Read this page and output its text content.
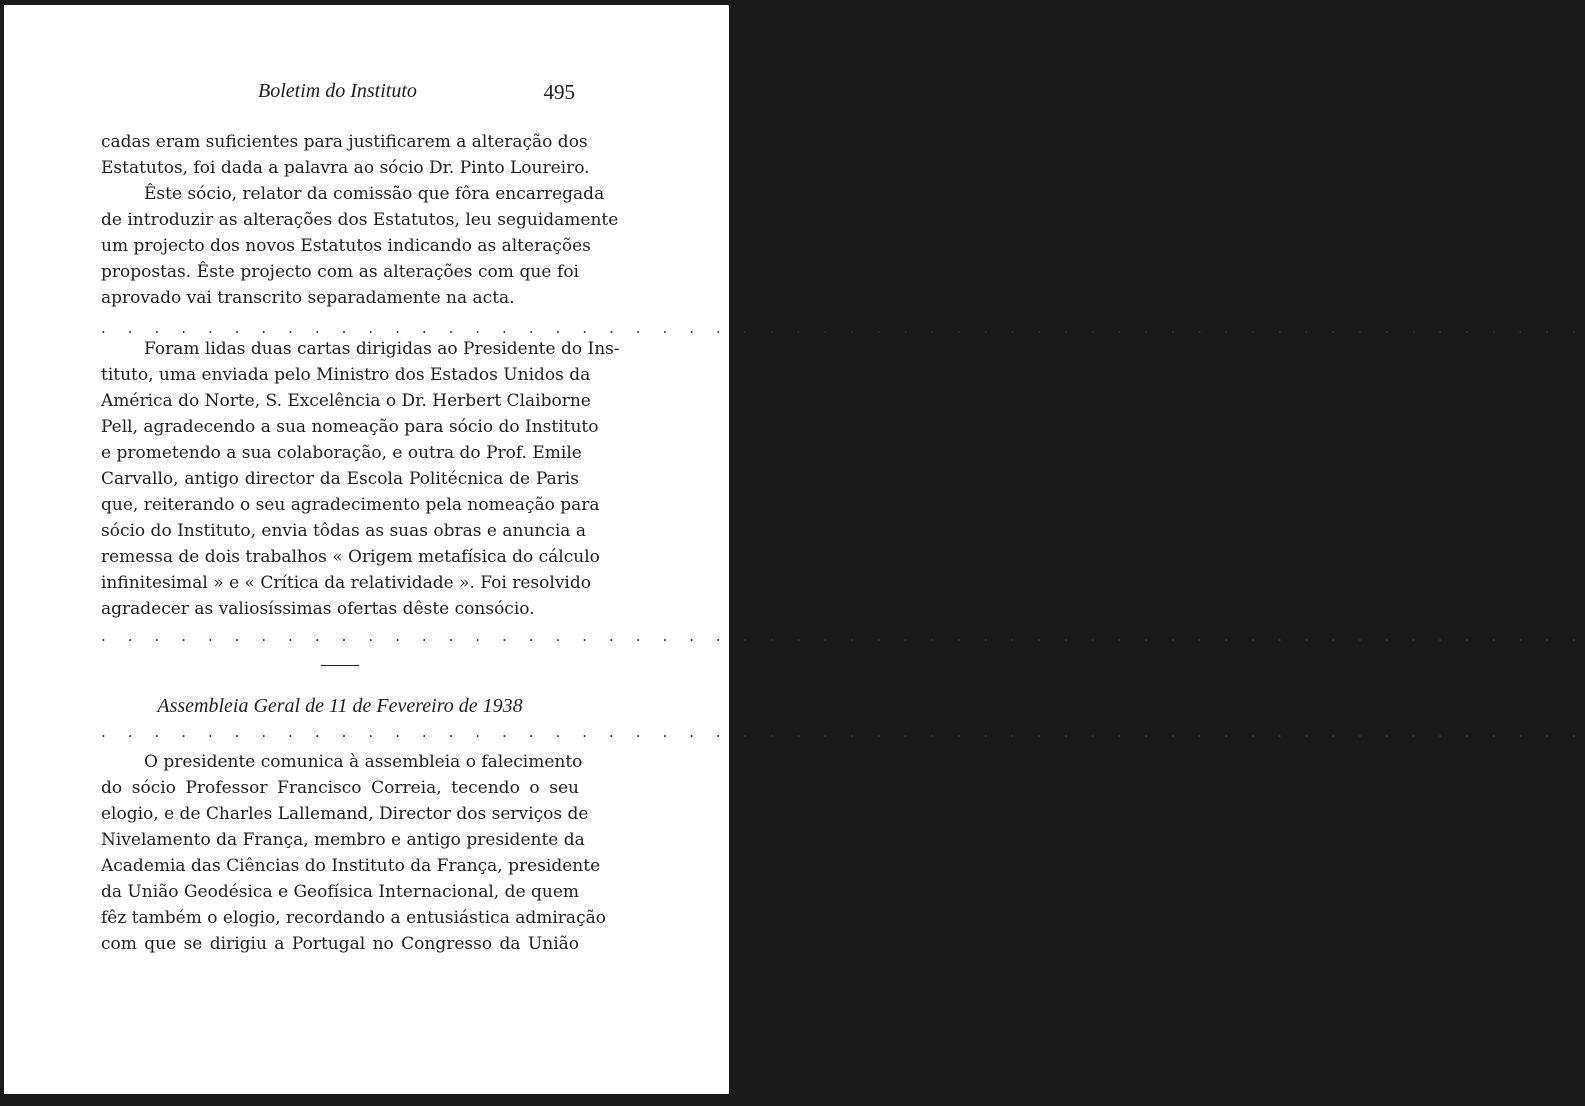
Boletim do Instituto	495
cadas eram suficientes para justificarem a alteração dos
Estatutos, foi dada a palavra ao sócio Dr. Pinto Loureiro.
Êste sócio, relator da comissão que fôra encarregada
de introduzir as alterações dos Estatutos, leu seguidamente
um projecto dos novos Estatutos indicando as alterações
propostas. Êste projecto com as alterações com que foi
aprovado vai transcrito separadamente na acta.
. . . . . . . . . . . . . . . . . . . . . . . . . . . . . . . . . . . . . . . . . . . . . . . . . . . . . . . .
Foram lidas duas cartas dirigidas ao Presidente do Ins-
tituto, uma enviada pelo Ministro dos Estados Unidos da
América do Norte, S. Excelência o Dr. Herbert Claiborne
Pell, agradecendo a sua nomeação para sócio do Instituto
e prometendo a sua colaboração, e outra do Prof. Emile
Carvallo, antigo director da Escola Politécnica de Paris
que, reiterando o seu agradecimento pela nomeação para
sócio do Instituto, envia tôdas as suas obras e anuncia a
remessa de dois trabalhos « Origem metafísica do cálculo
infinitesimal » e « Crítica da relatividade ». Foi resolvido
agradecer as valiosíssimas ofertas dêste consócio.
. . . . . . . . . . . . . . . . . . . . . . . . . . . . . . . . . . . . . . . . . . . . . . . . . . . . . . . .
Assembleia Geral de 11 de Fevereiro de 1938
. . . . . . . . . . . . . . . . . . . . . . . . . . . . . . . . . . . . . . . . . . . . . . . . . . . . . . . .
O presidente comunica à assembleia o falecimento
do sócio Professor Francisco Correia, tecendo o seu
elogio, e de Charles Lallemand, Director dos serviços de
Nivelamento da França, membro e antigo presidente da
Academia das Ciências do Instituto da França, presidente
da União Geodésica e Geofísica Internacional, de quem
fêz também o elogio, recordando a entusiástica admiração
com que se dirigiu a Portugal no Congresso da União
